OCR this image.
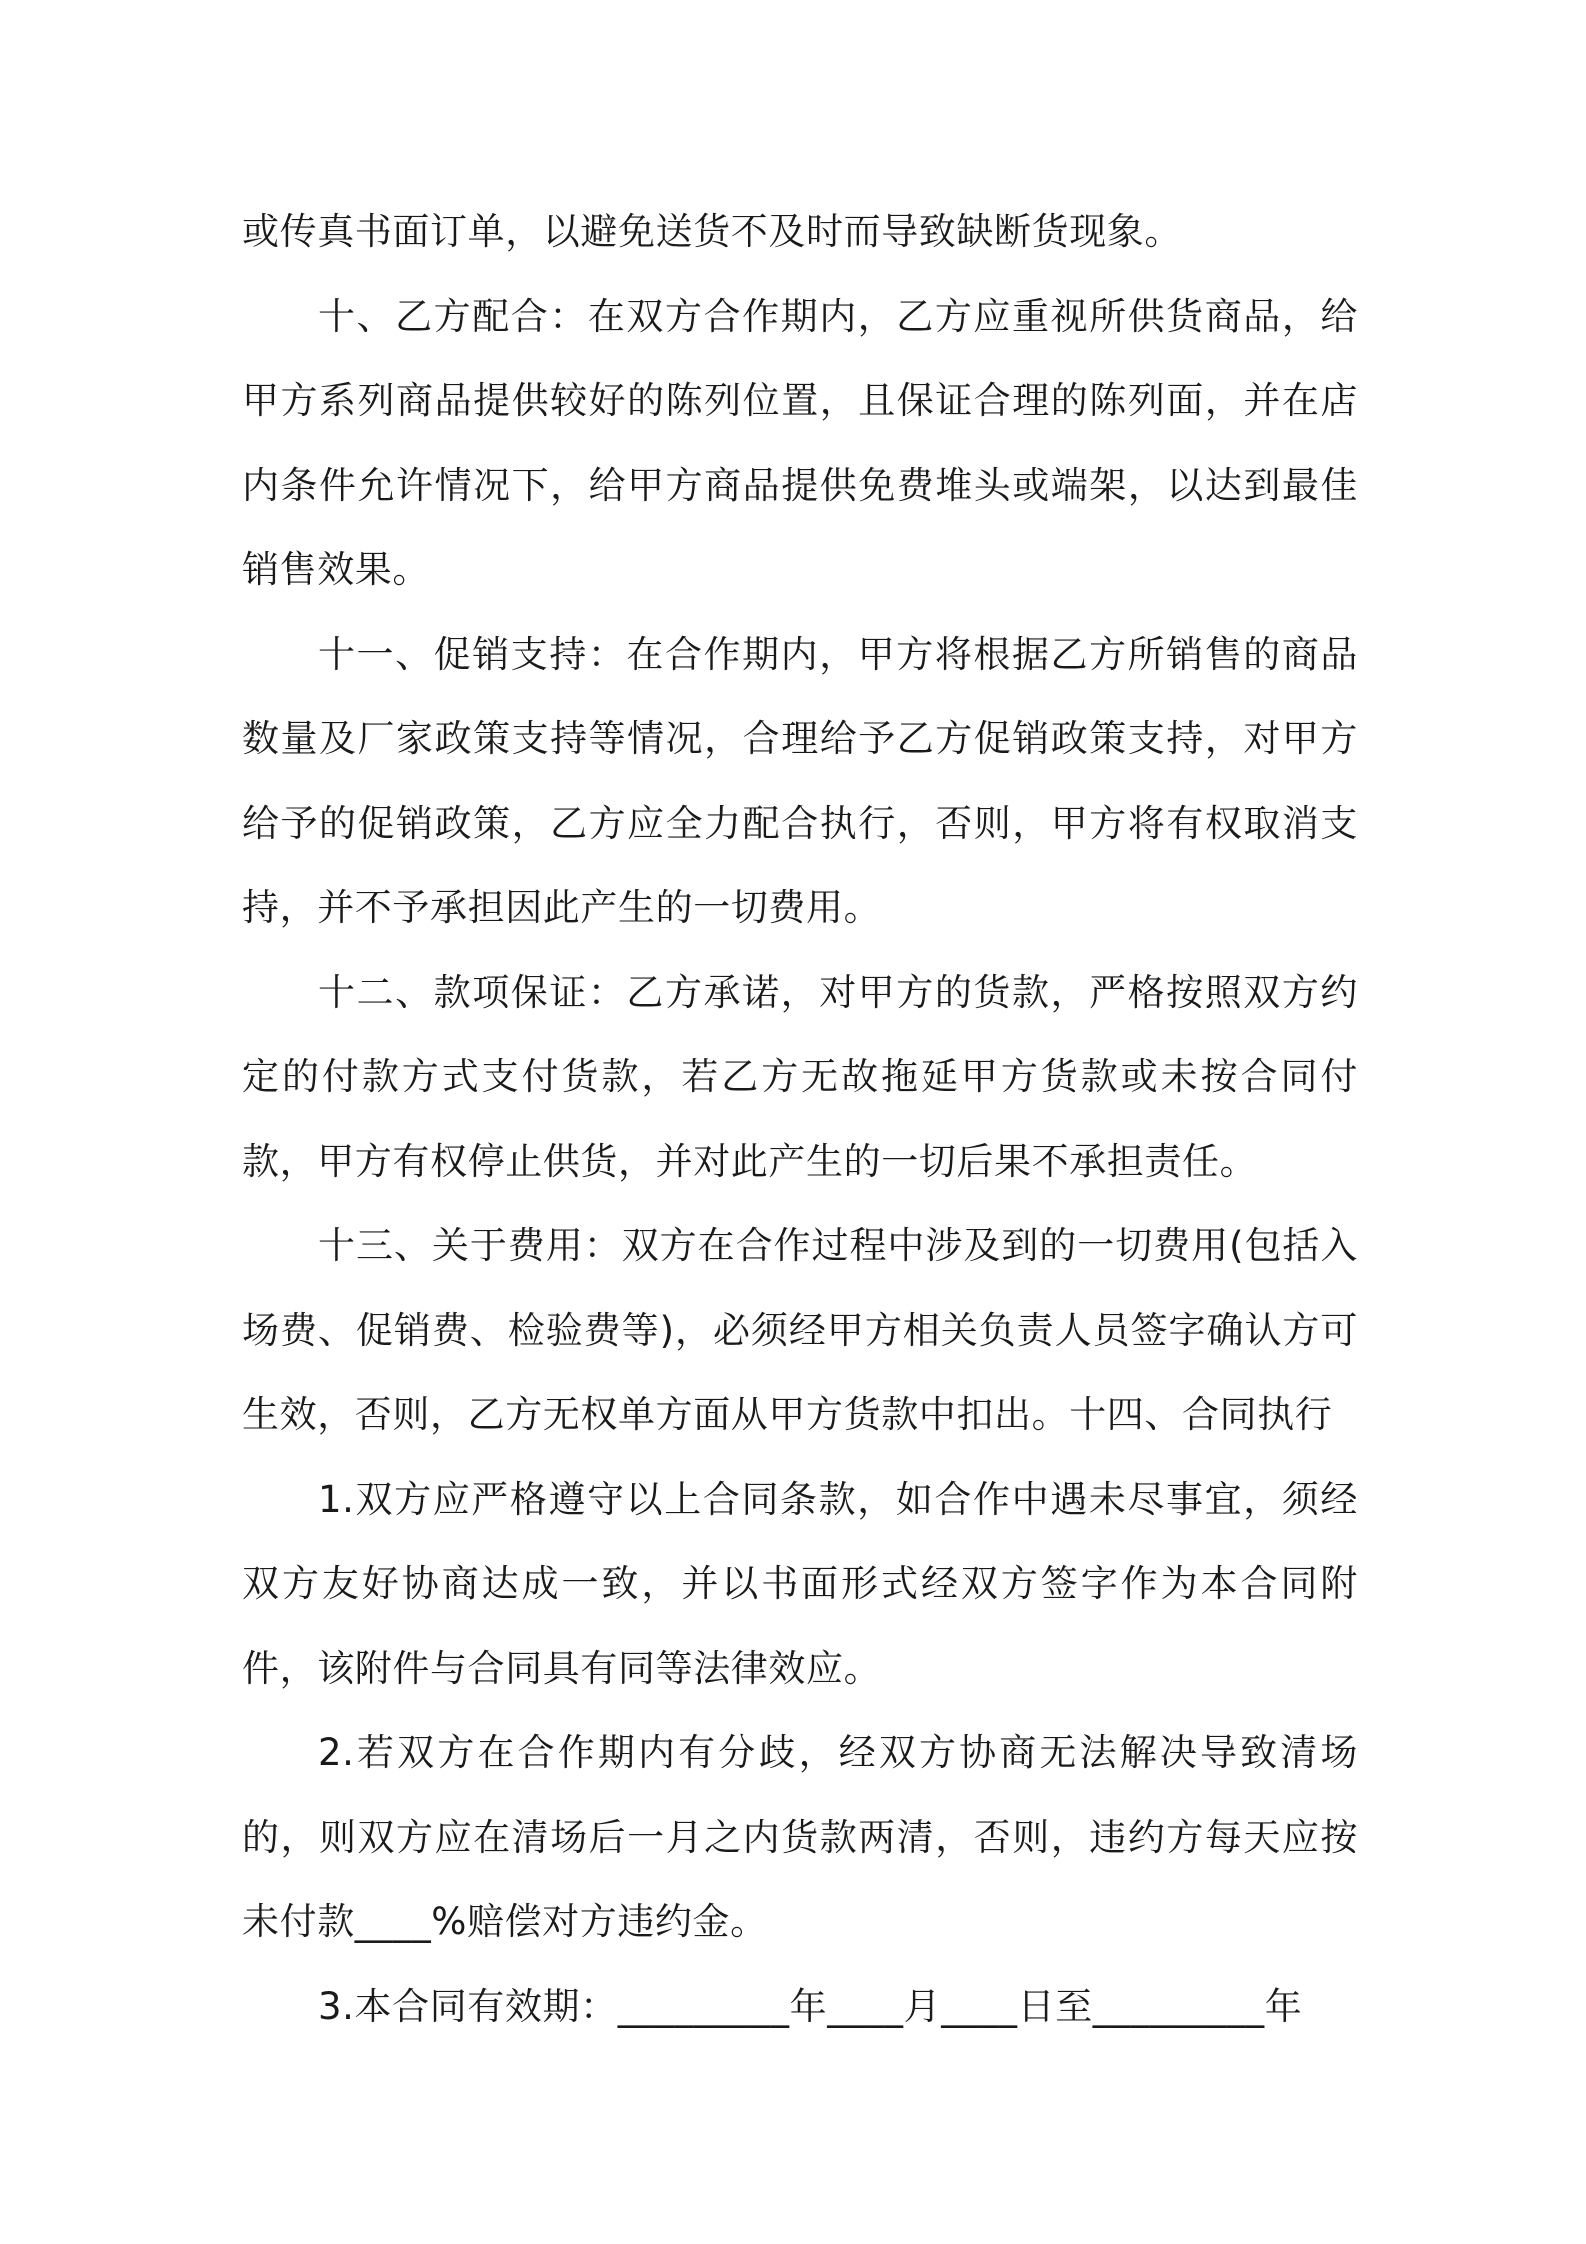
或传真书面订单，以避免送货不及时而导致缺断货现象。

十、乙方配合：在双方合作期内，乙方应重视所供货商品，给甲方系列商品提供较好的陈列位置，且保证合理的陈列面，并在店内条件允许情况下，给甲方商品提供免费堆头或端架，以达到最佳销售效果。

十一、促销支持：在合作期内，甲方将根据乙方所销售的商品数量及厂家政策支持等情况，合理给予乙方促销政策支持，对甲方给予的促销政策，乙方应全力配合执行，否则，甲方将有权取消支持，并不予承担因此产生的一切费用。

十二、款项保证：乙方承诺，对甲方的货款，严格按照双方约定的付款方式支付货款，若乙方无故拖延甲方货款或未按合同付款，甲方有权停止供货，并对此产生的一切后果不承担责任。

十三、关于费用：双方在合作过程中涉及到的一切费用(包括入场费、促销费、检验费等)，必须经甲方相关负责人员签字确认方可生效，否则，乙方无权单方面从甲方货款中扣出。十四、合同执行

1.双方应严格遵守以上合同条款，如合作中遇未尽事宜，须经双方友好协商达成一致，并以书面形式经双方签字作为本合同附件，该附件与合同具有同等法律效应。

2.若双方在合作期内有分歧，经双方协商无法解决导致清场的，则双方应在清场后一月之内货款两清，否则，违约方每天应按未付款____%赔偿对方违约金。

3.本合同有效期：_________年____月____日至_________年
